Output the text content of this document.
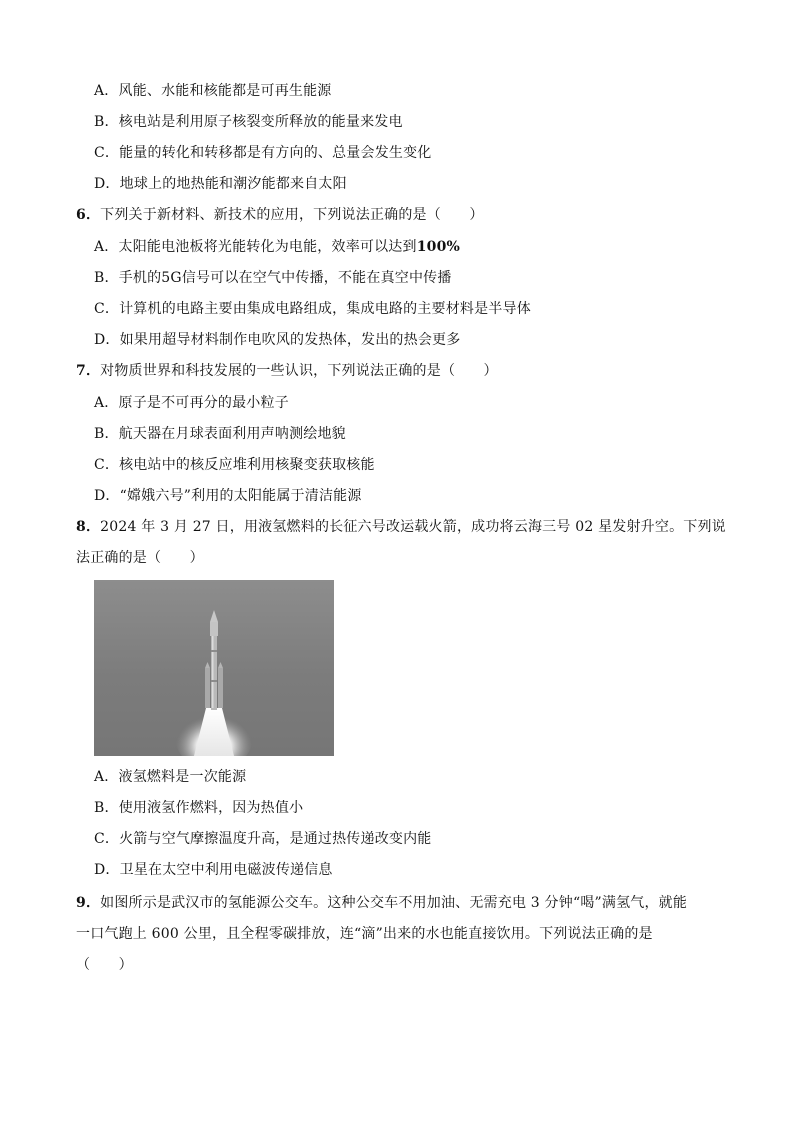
A．风能、水能和核能都是可再生能源
B．核电站是利用原子核裂变所释放的能量来发电
C．能量的转化和转移都是有方向的、总量会发生变化
D．地球上的地热能和潮汐能都来自太阳
6．下列关于新材料、新技术的应用，下列说法正确的是（　　）
A．太阳能电池板将光能转化为电能，效率可以达到100%
B．手机的5G信号可以在空气中传播，不能在真空中传播
C．计算机的电路主要由集成电路组成，集成电路的主要材料是半导体
D．如果用超导材料制作电吹风的发热体，发出的热会更多
7．对物质世界和科技发展的一些认识，下列说法正确的是（　　）
A．原子是不可再分的最小粒子
B．航天器在月球表面利用声呐测绘地貌
C．核电站中的核反应堆利用核聚变获取核能
D．“嫦娥六号”利用的太阳能属于清洁能源
8．2024 年 3 月 27 日，用液氢燃料的长征六号改运载火箭，成功将云海三号 02 星发射升空。下列说
法正确的是（　　）
A．液氢燃料是一次能源
B．使用液氢作燃料，因为热值小
C．火箭与空气摩擦温度升高，是通过热传递改变内能
D．卫星在太空中利用电磁波传递信息
9．如图所示是武汉市的氢能源公交车。这种公交车不用加油、无需充电 3 分钟“喝”满氢气，就能
一口气跑上 600 公里，且全程零碳排放，连“滴”出来的水也能直接饮用。下列说法正确的是
（　　）
